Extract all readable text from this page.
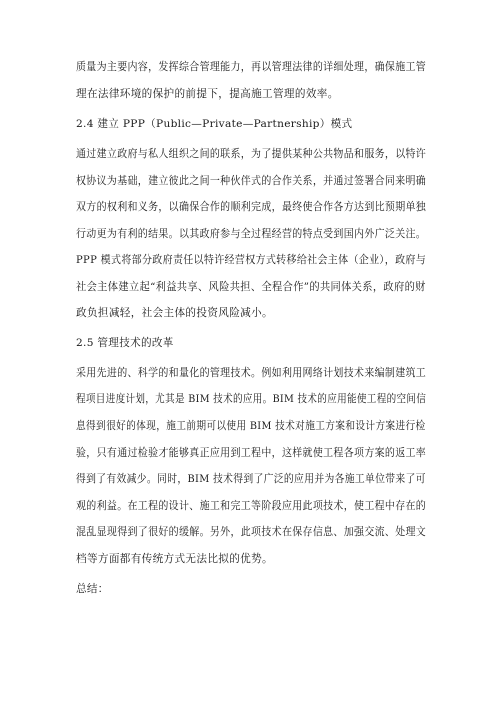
质量为主要内容，发挥综合管理能力，再以管理法律的详细处理，确保施工管
理在法律环境的保护的前提下，提高施工管理的效率。
2.4 建立 PPP（Public—Private—Partnership）模式
通过建立政府与私人组织之间的联系，为了提供某种公共物品和服务，以特许
权协议为基础，建立彼此之间一种伙伴式的合作关系，并通过签署合同来明确
双方的权利和义务，以确保合作的顺利完成，最终使合作各方达到比预期单独
行动更为有利的结果。以其政府参与全过程经营的特点受到国内外广泛关注。
PPP 模式将部分政府责任以特许经营权方式转移给社会主体（企业），政府与
社会主体建立起“利益共享、风险共担、全程合作”的共同体关系，政府的财
政负担减轻，社会主体的投资风险减小。
2.5 管理技术的改革
采用先进的、科学的和量化的管理技术。例如利用网络计划技术来编制建筑工
程项目进度计划，尤其是 BIM 技术的应用。BIM 技术的应用能使工程的空间信
息得到很好的体现，施工前期可以使用 BIM 技术对施工方案和设计方案进行检
验，只有通过检验才能够真正应用到工程中，这样就使工程各项方案的返工率
得到了有效减少。同时，BIM 技术得到了广泛的应用并为各施工单位带来了可
观的利益。在工程的设计、施工和完工等阶段应用此项技术，使工程中存在的
混乱显现得到了很好的缓解。另外，此项技术在保存信息、加强交流、处理文
档等方面都有传统方式无法比拟的优势。
总结：
